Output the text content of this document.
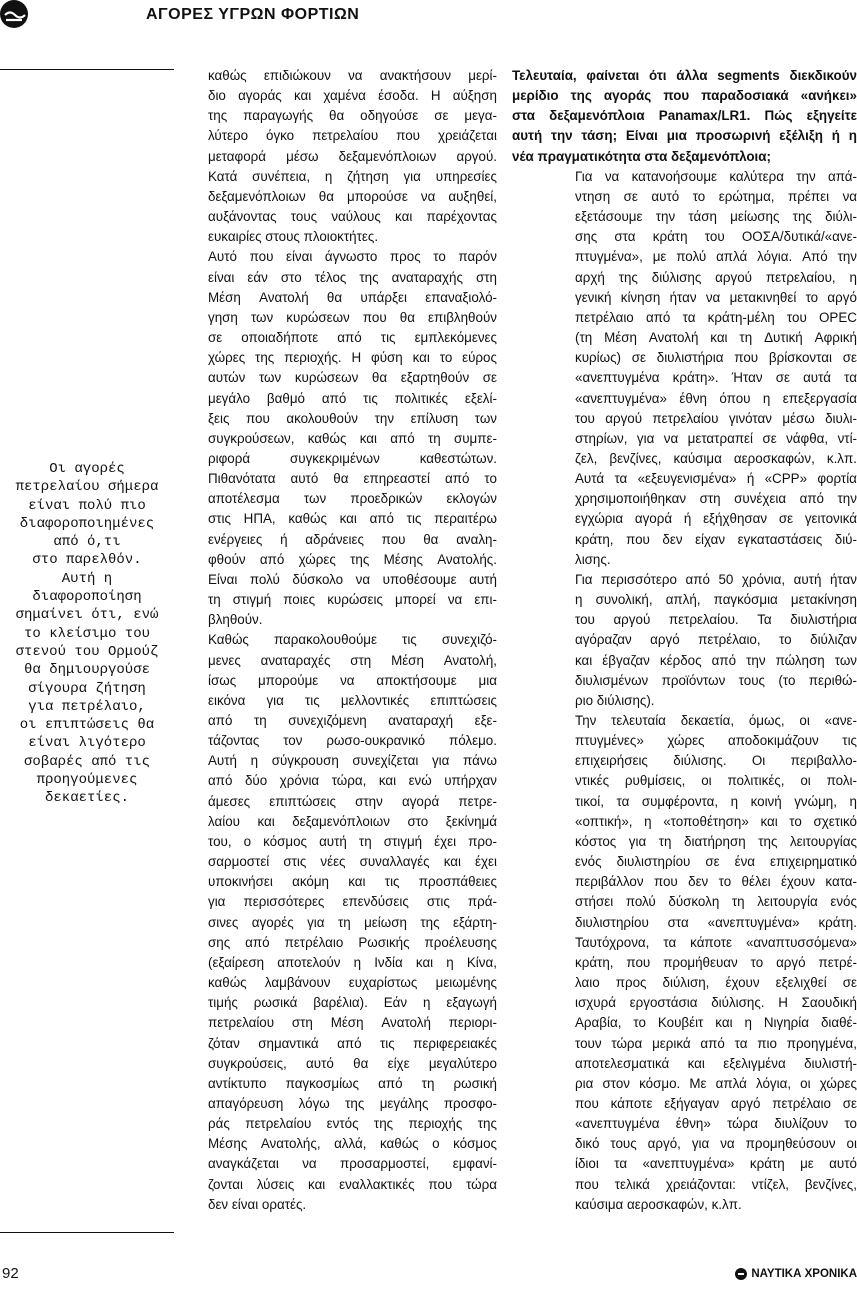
ΑΓΟΡΕΣ ΥΓΡΩΝ ΦΟΡΤΙΩΝ
Οι αγορές
πετρελαίου σήμερα
είναι πολύ πιο
διαφοροποιημένες
από ό,τι
στο παρελθόν.
Αυτή η
διαφοροποίηση
σημαίνει ότι, ενώ
το κλείσιμο του
στενού του Ορμούζ
θα δημιουργούσε
σίγουρα ζήτηση
για πετρέλαιο,
οι επιπτώσεις θα
είναι λιγότερο
σοβαρές από τις
προηγούμενες
δεκαετίες.
καθώς επιδιώκουν να ανακτήσουν μερί-
διο αγοράς και χαμένα έσοδα. Η αύξηση
της παραγωγής θα οδηγούσε σε μεγα-
λύτερο όγκο πετρελαίου που χρειάζεται
μεταφορά μέσω δεξαμενόπλοιων αργού.
Κατά συνέπεια, η ζήτηση για υπηρεσίες
δεξαμενόπλοιων θα μπορούσε να αυξηθεί,
αυξάνοντας τους ναύλους και παρέχοντας
ευκαιρίες στους πλοιοκτήτες.
Αυτό που είναι άγνωστο προς το παρόν
είναι εάν στο τέλος της αναταραχής στη
Μέση Ανατολή θα υπάρξει επαναξιολό-
γηση των κυρώσεων που θα επιβληθούν
σε οποιαδήποτε από τις εμπλεκόμενες
χώρες της περιοχής. Η φύση και το εύρος
αυτών των κυρώσεων θα εξαρτηθούν σε
μεγάλο βαθμό από τις πολιτικές εξελί-
ξεις που ακολουθούν την επίλυση των
συγκρούσεων, καθώς και από τη συμπε-
ριφορά	συγκεκριμένων	καθεστώτων.
Πιθανότατα αυτό θα επηρεαστεί από το
αποτέλεσμα των προεδρικών εκλογών
στις ΗΠΑ, καθώς και από τις περαιτέρω
ενέργειες ή αδράνειες που θα αναλη-
φθούν από χώρες της Μέσης Ανατολής.
Είναι πολύ δύσκολο να υποθέσουμε αυτή
τη στιγμή ποιες κυρώσεις μπορεί να επι-
βληθούν.
Καθώς παρακολουθούμε τις συνεχιζό-
μενες αναταραχές στη Μέση Ανατολή,
ίσως μπορούμε να αποκτήσουμε μια
εικόνα για τις μελλοντικές επιπτώσεις
από τη συνεχιζόμενη αναταραχή εξε-
τάζοντας τον ρωσο-ουκρανικό πόλεμο.
Αυτή η σύγκρουση συνεχίζεται για πάνω
από δύο χρόνια τώρα, και ενώ υπήρχαν
άμεσες επιπτώσεις στην αγορά πετρε-
λαίου και δεξαμενόπλοιων στο ξεκίνημά
του, ο κόσμος αυτή τη στιγμή έχει προ-
σαρμοστεί στις νέες συναλλαγές και έχει
υποκινήσει ακόμη και τις προσπάθειες
για περισσότερες επενδύσεις στις πρά-
σινες αγορές για τη μείωση της εξάρτη-
σης από πετρέλαιο Ρωσικής προέλευσης
(εξαίρεση αποτελούν η Ινδία και η Κίνα,
καθώς λαμβάνουν ευχαρίστως μειωμένης
τιμής ρωσικά βαρέλια). Εάν η εξαγωγή
πετρελαίου στη Μέση Ανατολή περιορι-
ζόταν σημαντικά από τις περιφερειακές
συγκρούσεις, αυτό θα είχε μεγαλύτερο
αντίκτυπο παγκοσμίως από τη ρωσική
απαγόρευση λόγω της μεγάλης προσφο-
ράς πετρελαίου εντός της περιοχής της
Μέσης Ανατολής, αλλά, καθώς ο κόσμος
αναγκάζεται να προσαρμοστεί, εμφανί-
ζονται λύσεις και εναλλακτικές που τώρα
δεν είναι ορατές.
Τελευταία, φαίνεται ότι άλλα segments διεκδικούν
μερίδιο της αγοράς που παραδοσιακά «ανήκει»
στα δεξαμενόπλοια Panamax/LR1. Πώς εξηγείτε
αυτή την τάση; Είναι μια προσωρινή εξέλιξη ή η
νέα πραγματικότητα στα δεξαμενόπλοια;
Για να κατανοήσουμε καλύτερα την απά-
ντηση σε αυτό το ερώτημα, πρέπει να
εξετάσουμε την τάση μείωσης της διύλι-
σης στα κράτη του ΟΟΣΑ/δυτικά/«ανε-
πτυγμένα», με πολύ απλά λόγια. Από την
αρχή της διύλισης αργού πετρελαίου, η
γενική κίνηση ήταν να μετακινηθεί το αργό
πετρέλαιο από τα κράτη-μέλη του OPEC
(τη Μέση Ανατολή και τη Δυτική Αφρική
κυρίως) σε διυλιστήρια που βρίσκονται σε
«ανεπτυγμένα κράτη». Ήταν σε αυτά τα
«ανεπτυγμένα» έθνη όπου η επεξεργασία
του αργού πετρελαίου γινόταν μέσω διυλι-
στηρίων, για να μετατραπεί σε νάφθα, ντί-
ζελ, βενζίνες, καύσιμα αεροσκαφών, κ.λπ.
Αυτά τα «εξευγενισμένα» ή «CPP» φορτία
χρησιμοποιήθηκαν στη συνέχεια από την
εγχώρια αγορά ή εξήχθησαν σε γειτονικά
κράτη, που δεν είχαν εγκαταστάσεις διύ-
λισης.
Για περισσότερο από 50 χρόνια, αυτή ήταν
η συνολική, απλή, παγκόσμια μετακίνηση
του αργού πετρελαίου. Τα διυλιστήρια
αγόραζαν αργό πετρέλαιο, το διύλιζαν
και έβγαζαν κέρδος από την πώληση των
διυλισμένων προϊόντων τους (το περιθώ-
ριο διύλισης).
Την τελευταία δεκαετία, όμως, οι «ανε-
πτυγμένες» χώρες αποδοκιμάζουν τις
επιχειρήσεις διύλισης. Οι περιβαλλο-
ντικές ρυθμίσεις, οι πολιτικές, οι πολι-
τικοί, τα συμφέροντα, η κοινή γνώμη, η
«οπτική», η «τοποθέτηση» και το σχετικό
κόστος για τη διατήρηση της λειτουργίας
ενός διυλιστηρίου σε ένα επιχειρηματικό
περιβάλλον που δεν το θέλει έχουν κατα-
στήσει πολύ δύσκολη τη λειτουργία ενός
διυλιστηρίου στα «ανεπτυγμένα» κράτη.
Ταυτόχρονα, τα κάποτε «αναπτυσσόμενα»
κράτη, που προμήθευαν το αργό πετρέ-
λαιο προς διύλιση, έχουν εξελιχθεί σε
ισχυρά εργοστάσια διύλισης. Η Σαουδική
Αραβία, το Κουβέιτ και η Νιγηρία διαθέ-
τουν τώρα μερικά από τα πιο προηγμένα,
αποτελεσματικά και εξελιγμένα διυλιστή-
ρια στον κόσμο. Με απλά λόγια, οι χώρες
που κάποτε εξήγαγαν αργό πετρέλαιο σε
«ανεπτυγμένα έθνη» τώρα διυλίζουν το
δικό τους αργό, για να προμηθεύσουν οι
ίδιοι τα «ανεπτυγμένα» κράτη με αυτό
που τελικά χρειάζονται: ντίζελ, βενζίνες,
καύσιμα αεροσκαφών, κ.λπ.
92	ΝΑΥΤΙΚΑ ΧΡΟΝΙΚΑ
